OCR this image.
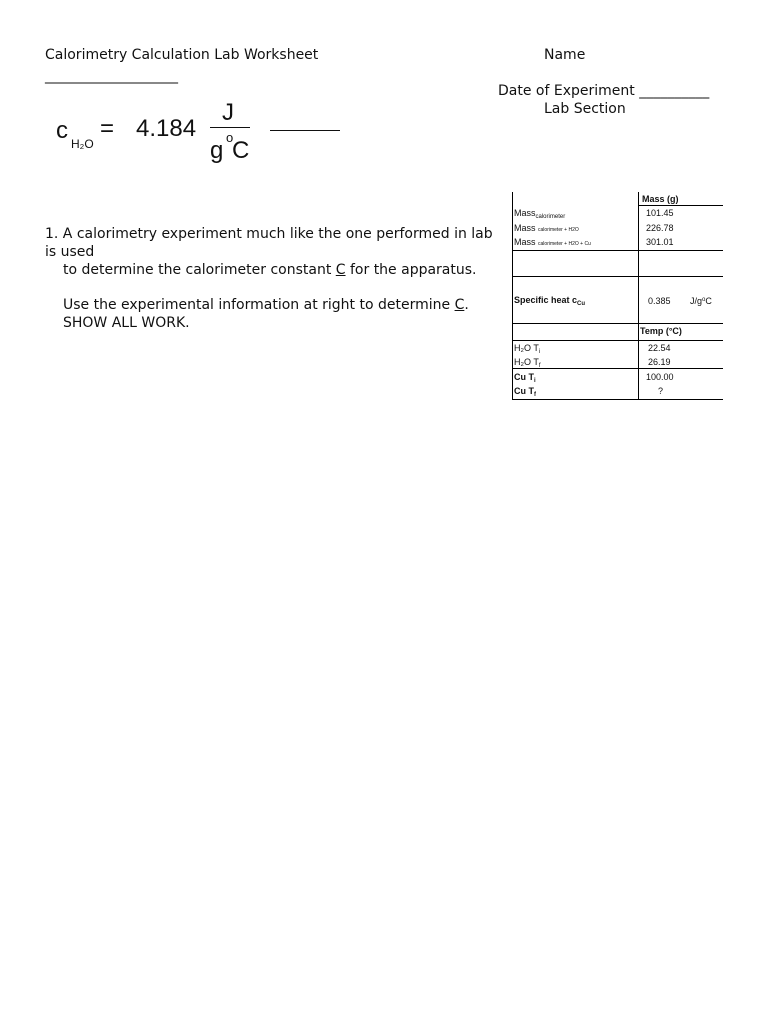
Calorimetry Calculation Lab Worksheet	Name
___________________
Date of Experiment __________
Lab Section
c H₂O
= 4.184
J
g o
C
1. A calorimetry experiment much like the one performed in lab
is used
to determine the calorimeter constant C for the apparatus.
Use the experimental information at right to determine C.
SHOW ALL WORK.
Mass (g)
Mass$_{calorimeter}$	101.45
Mass calorimeter + H2O	226.78
Mass calorimeter + H2O + Cu	301.01
Specific heat $c_{Cu}$	0.385 $J/g^oC$
Temp (°C)
H₂O $T_i$	22.54
H₂O $T_f$	26.19
Cu $T_i$	100.00
Cu $T_f$	?
